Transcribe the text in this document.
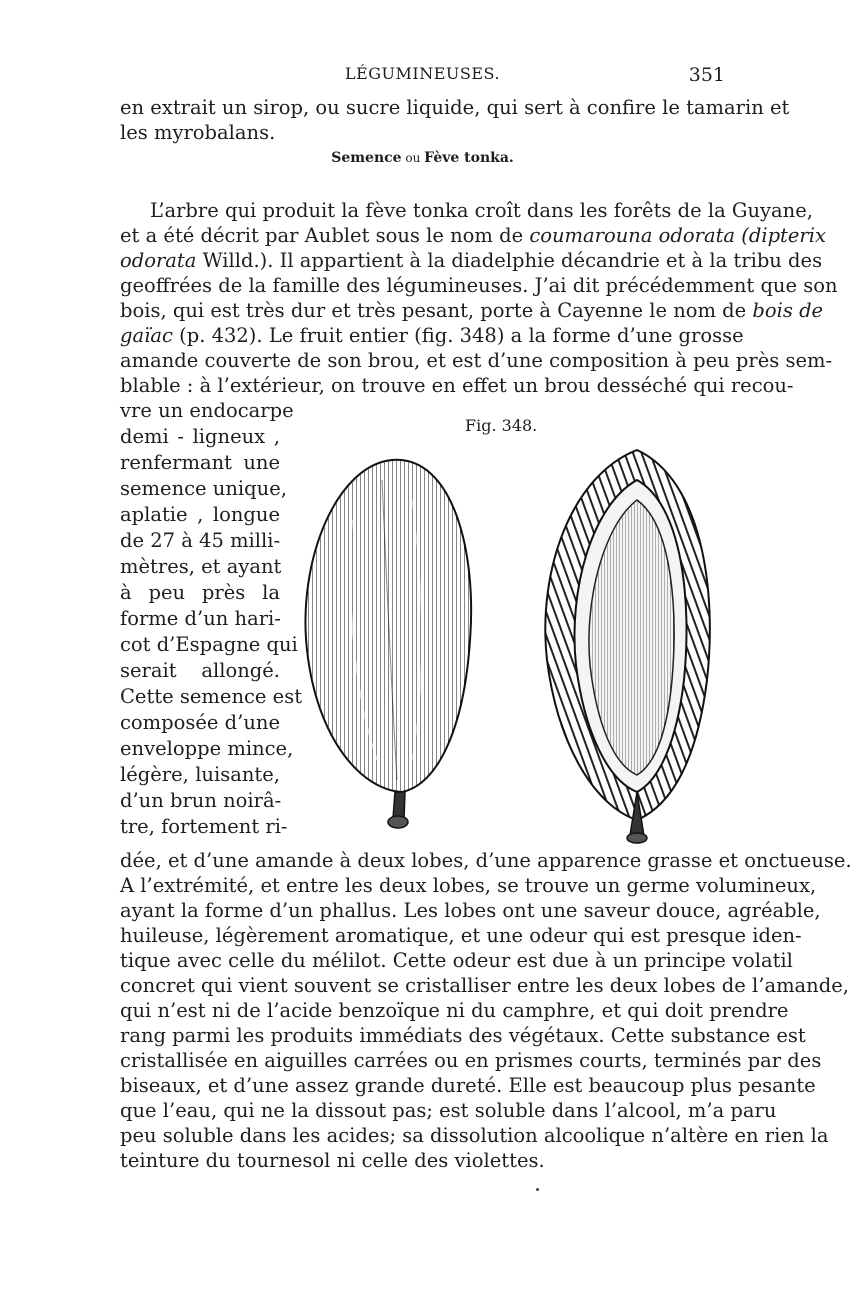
LÉGUMINEUSES.	351
en extrait un sirop, ou sucre liquide, qui sert à confire le tamarin et
les myrobalans.
Semence ou Fève tonka.
L’arbre qui produit la fève tonka croît dans les forêts de la Guyane,
et a été décrit par Aublet sous le nom de coumarouna odorata (dipterix
odorata Willd.). Il appartient à la diadelphie décandrie et à la tribu des
geoffrées de la famille des légumineuses. J’ai dit précédemment que son
bois, qui est très dur et très pesant, porte à Cayenne le nom de bois de
gaïac (p. 432). Le fruit entier (fig. 348) a la forme d’une grosse
amande couverte de son brou, et est d’une composition à peu près sem-
blable : à l’extérieur, on trouve en effet un brou desséché qui recou-
vre un endocarpe
demi - ligneux ,
renfermant une
semence unique,
aplatie , longue
de 27 à 45 milli-
mètres, et ayant
à peu près la
forme d’un hari-
cot d’Espagne qui
serait allongé.
Cette semence est
composée d’une
enveloppe mince,
légère, luisante,
d’un brun noirâ-
tre, fortement ri-
Fig. 348.
dée, et d’une amande à deux lobes, d’une apparence grasse et onctueuse.
A l’extrémité, et entre les deux lobes, se trouve un germe volumineux,
ayant la forme d’un phallus. Les lobes ont une saveur douce, agréable,
huileuse, légèrement aromatique, et une odeur qui est presque iden-
tique avec celle du mélilot. Cette odeur est due à un principe volatil
concret qui vient souvent se cristalliser entre les deux lobes de l’amande,
qui n’est ni de l’acide benzoïque ni du camphre, et qui doit prendre
rang parmi les produits immédiats des végétaux. Cette substance est
cristallisée en aiguilles carrées ou en prismes courts, terminés par des
biseaux, et d’une assez grande dureté. Elle est beaucoup plus pesante
que l’eau, qui ne la dissout pas; est soluble dans l’alcool, m’a paru
peu soluble dans les acides; sa dissolution alcoolique n’altère en rien la
teinture du tournesol ni celle des violettes.
